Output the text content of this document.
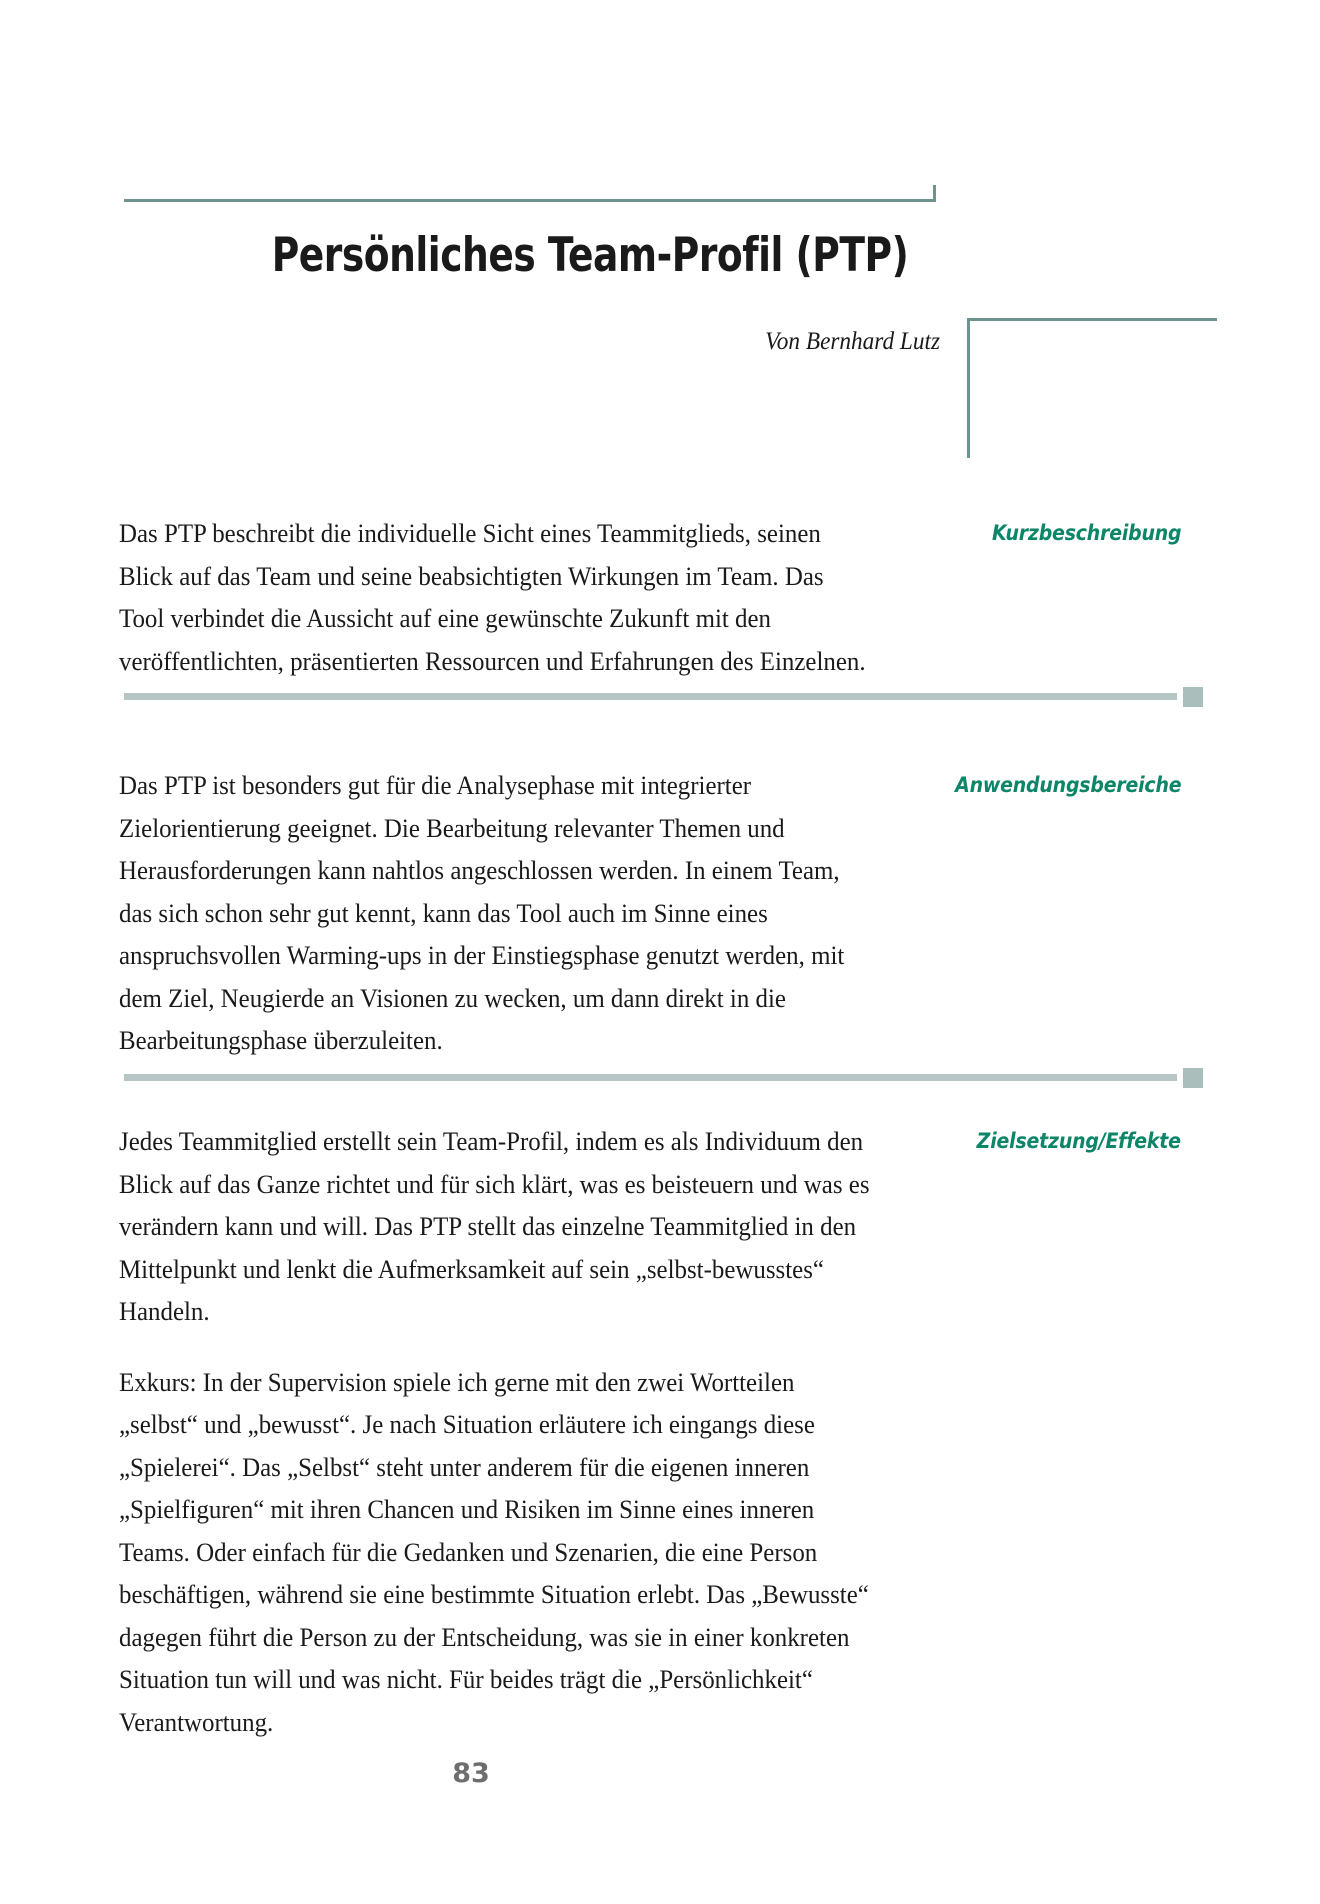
Persönliches Team-Profil (PTP)
Von Bernhard Lutz
Kurzbeschreibung

Das PTP beschreibt die individuelle Sicht eines Teammitglieds, seinen Blick auf das Team und seine beabsichtigten Wirkungen im Team. Das Tool verbindet die Aussicht auf eine gewünschte Zukunft mit den veröffentlichten, präsentierten Ressourcen und Erfahrungen des Einzelnen.

Anwendungsbereiche

Das PTP ist besonders gut für die Analysephase mit integrierter Zielorientierung geeignet. Die Bearbeitung relevanter Themen und Herausforderungen kann nahtlos angeschlossen werden. In einem Team, das sich schon sehr gut kennt, kann das Tool auch im Sinne eines anspruchsvollen Warming-ups in der Einstiegsphase genutzt werden, mit dem Ziel, Neugierde an Visionen zu wecken, um dann direkt in die Bearbeitungsphase überzuleiten.

Zielsetzung/Effekte

Jedes Teammitglied erstellt sein Team-Profil, indem es als Individuum den Blick auf das Ganze richtet und für sich klärt, was es beisteuern und was es verändern kann und will. Das PTP stellt das einzelne Teammitglied in den Mittelpunkt und lenkt die Aufmerksamkeit auf sein „selbst-bewusstes“ Handeln.

Exkurs: In der Supervision spiele ich gerne mit den zwei Wortteilen „selbst“ und „bewusst“. Je nach Situation erläutere ich eingangs diese „Spielerei“. Das „Selbst“ steht unter anderem für die eigenen inneren „Spielfiguren“ mit ihren Chancen und Risiken im Sinne eines inneren Teams. Oder einfach für die Gedanken und Szenarien, die eine Person beschäftigen, während sie eine bestimmte Situation erlebt. Das „Bewusste“ dagegen führt die Person zu der Entscheidung, was sie in einer konkreten Situation tun will und was nicht. Für beides trägt die „Persönlichkeit“ Verantwortung.

83
